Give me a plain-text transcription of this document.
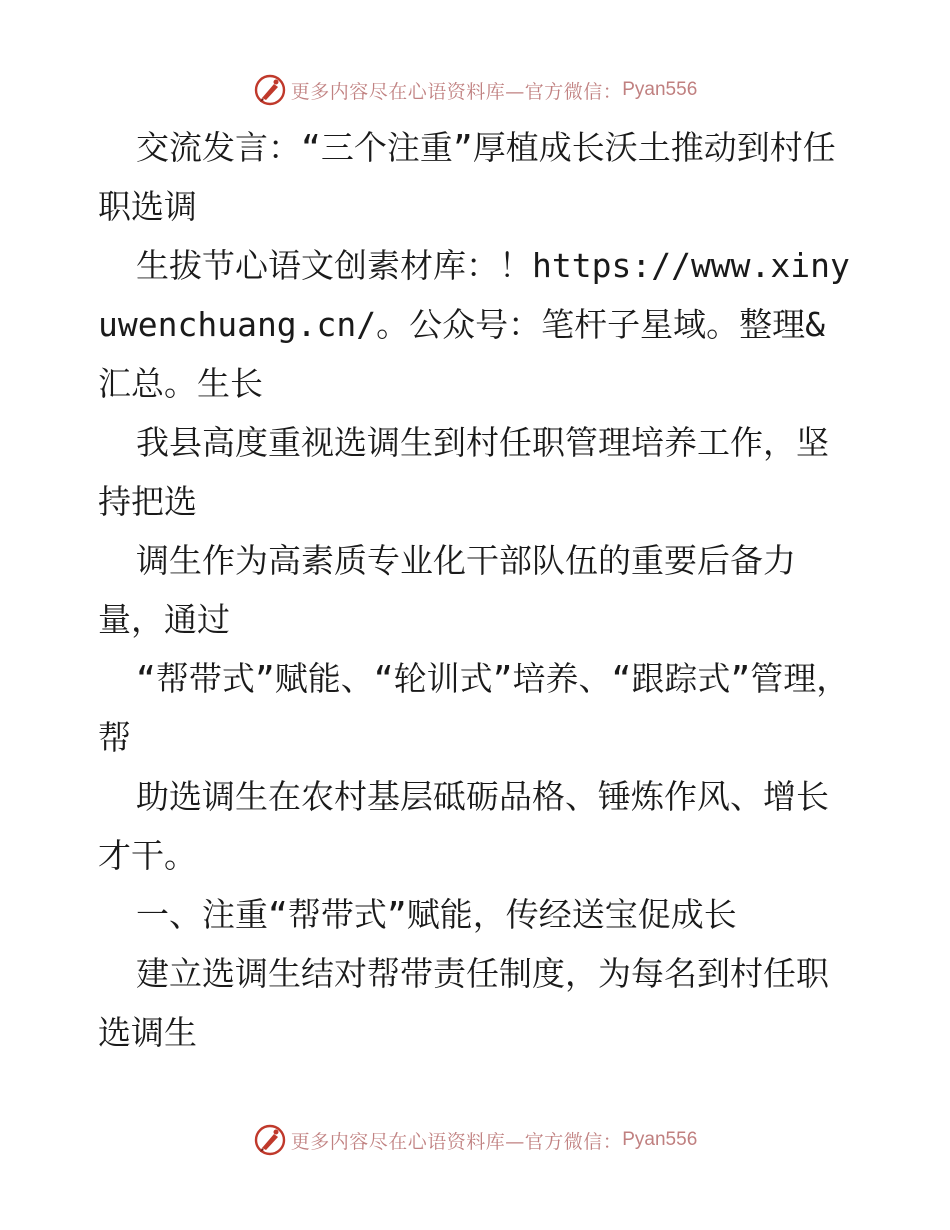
更多内容尽在心语资料库—官方微信： Pyan556

交流发言：“三个注重”厚植成长沃土推动到村任职选调

生拔节心语文创素材库：！https://www.xinyuwenchuang.cn/。公众号：笔杆子星域。整理&汇总。生长

我县高度重视选调生到村任职管理培养工作，坚持把选

调生作为高素质专业化干部队伍的重要后备力量，通过

“帮带式”赋能、“轮训式”培养、“跟踪式”管理，帮

助选调生在农村基层砥砺品格、锤炼作风、增长才干。

一、注重“帮带式”赋能，传经送宝促成长

建立选调生结对帮带责任制度，为每名到村任职选调生

更多内容尽在心语资料库—官方微信： Pyan556
